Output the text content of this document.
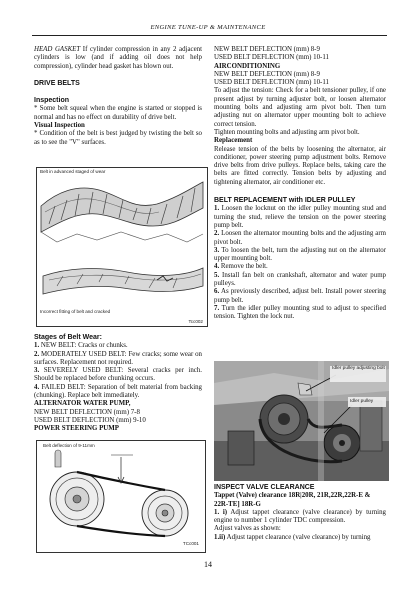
ENGINE TUNE-UP & MAINTENANCE

HEAD GASKET If cylinder compression in any 2 adjacent cylinders is low (and if adding oil does not help compression), cylinder head gasket has blown out.

DRIVE BELTS

Inspection

* Some belt squeal when the engine is started or stopped is normal and has no effect on durability of drive belt.

Visual Inspection

* Condition of the belt is best judged by twisting the belt so as to see the "V" surfaces.

Belt in advanced staged of wear
Incorrect fitting of belt and cracked
Tcc002

Stages of Belt Wear:

1. NEW BELT: Cracks or chunks.

2. MODERATELY USED BELT: Few cracks; some wear on surfaces. Replacement not required.

3. SEVERELY USED BELT: Several cracks per inch. Should be replaced before chunking occurs.

4. FAILED BELT: Separation of belt material from backing (chunking). Replace belt immediately.

ALTERNATOR WATER PUMP,

NEW BELT DEFLECTION (mm) 7-8

USED BELT DEFLECTION (mm) 9-10

POWER STEERING PUMP

Belt deflection of 9-11mm
TCc001

NEW BELT DEFLECTION (mm) 8-9

USED BELT DEFLECTION (mm) 10-11

AIRCONDITIONING

NEW BELT DEFLECTION (mm) 8-9

USED BELT DEFLECTION (mm) 10-11

To adjust the tension: Check for a belt tensioner pulley, if one present adjust by turning adjuster bolt, or loosen alternator mounting bolts and adjusting arm pivot bolt. Then turn adjusting nut on alternator upper mounting bolt to achieve correct tension.

Tighten mounting bolts and adjusting arm pivot bolt.

Replacement

Release tension of the belts by loosening the alternator, air conditioner, power steering pump adjustment bolts. Remove drive belts from drive pulleys. Replace belts, taking care the belts are fitted correctly. Tension belts by adjusting and tightening alternator, air conditioner etc.

BELT REPLACEMENT with IDLER PULLEY

1. Loosen the locknut on the idler pulley mounting stud and turning the stud, relieve the tension on the power steering pump belt.

2. Loosen the alternator mounting bolts and the adjusting arm pivot bolt.

3. To loosen the belt, turn the adjusting nut on the alternator upper mounting bolt.

4. Remove the belt.

5. Install fan belt on crankshaft, alternator and water pump pulleys.

6. As previously described, adjust belt. Install power steering pump belt.

7. Turn the idler pulley mounting stud to adjust to specified tension. Tighten the lock nut.

Idler pulley adjusting bolt
Idler pulley

INSPECT VALVE CLEARANCE

Tappet (Valve) clearance 18R|20R, 21R,22R,22R-E & 22R-TE] 18R-G

1. i) Adjust tappet clearance (valve clearance) by turning engine to number 1 cylinder TDC compression.

Adjust valves as shown:

1.ii) Adjust tappet clearance (valve clearance) by turning

14
